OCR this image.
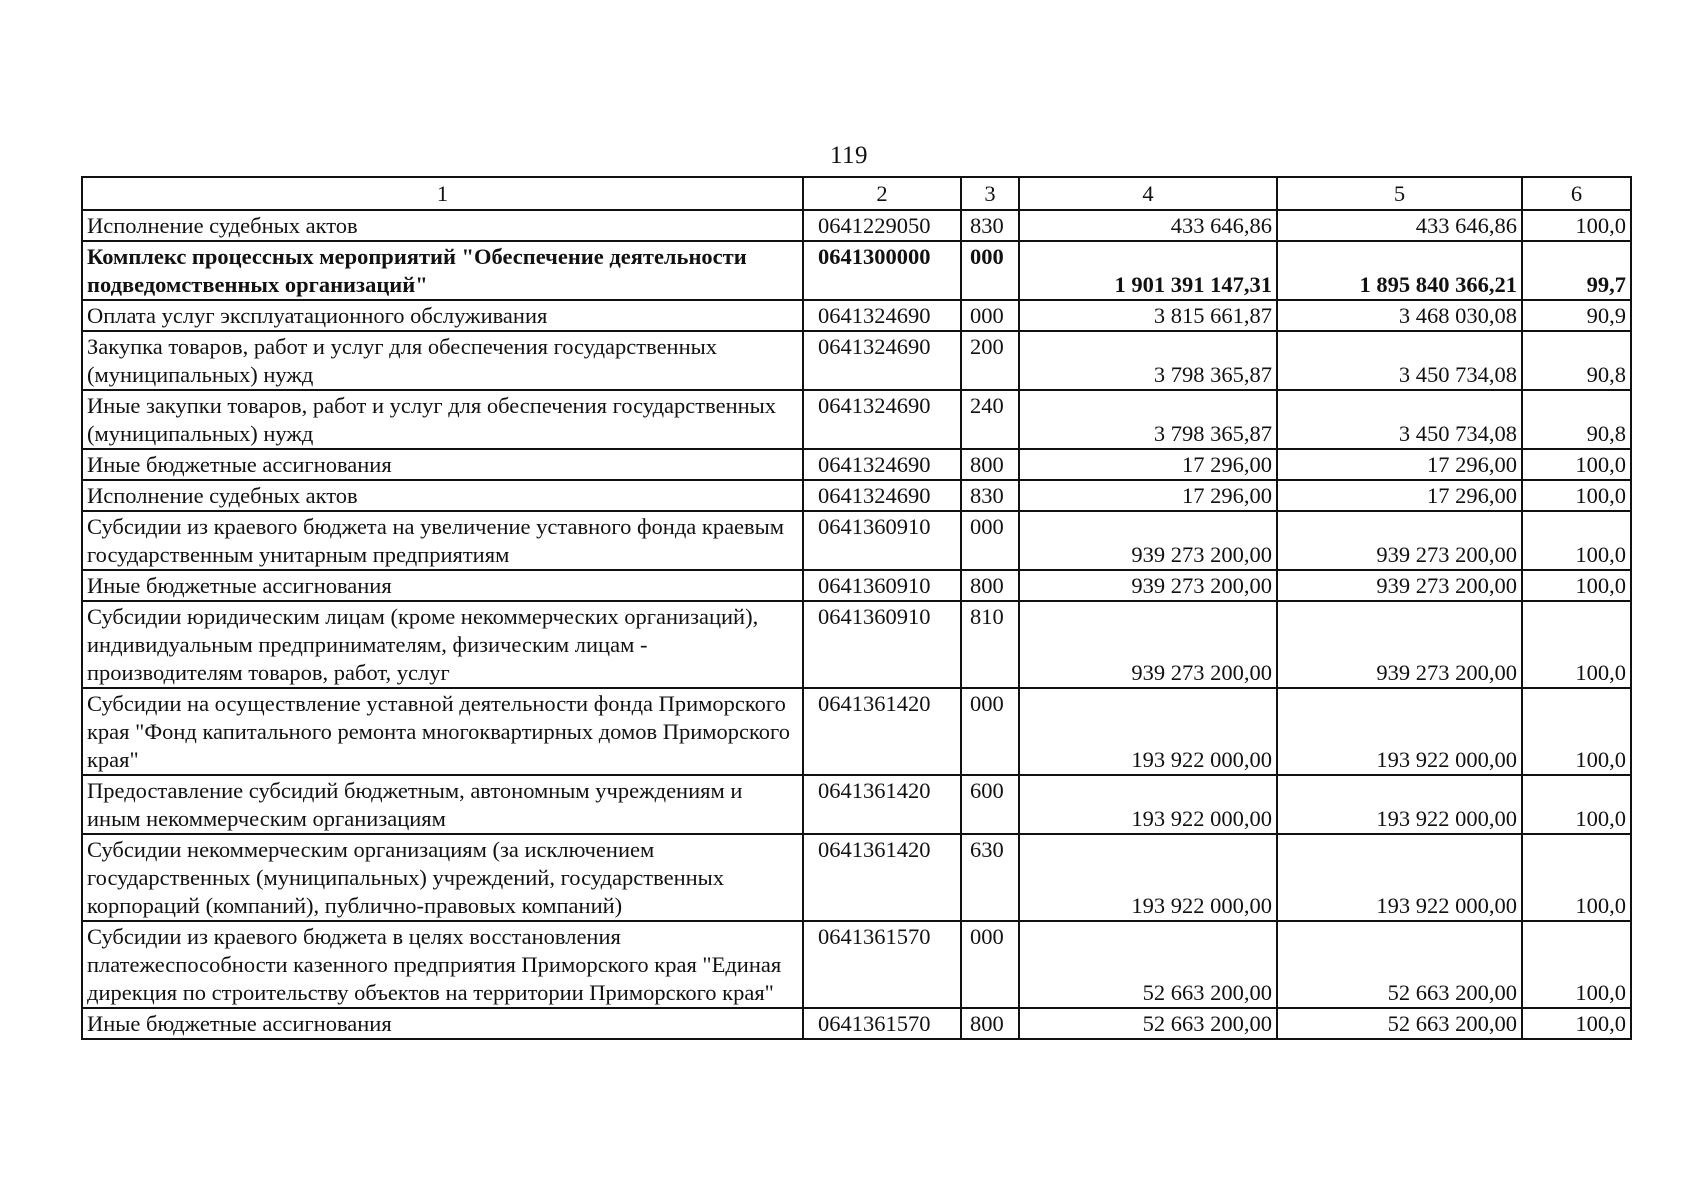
119
1	2	3	4	5	6
Исполнение судебных актов	0641229050	830	433 646,86	433 646,86	100,0
Комплекс процессных мероприятий "Обеспечение деятельности подведомственных организаций"	0641300000	000	1 901 391 147,31	1 895 840 366,21	99,7
Оплата услуг эксплуатационного обслуживания	0641324690	000	3 815 661,87	3 468 030,08	90,9
Закупка товаров, работ и услуг для обеспечения государственных (муниципальных) нужд	0641324690	200	3 798 365,87	3 450 734,08	90,8
Иные закупки товаров, работ и услуг для обеспечения государственных (муниципальных) нужд	0641324690	240	3 798 365,87	3 450 734,08	90,8
Иные бюджетные ассигнования	0641324690	800	17 296,00	17 296,00	100,0
Исполнение судебных актов	0641324690	830	17 296,00	17 296,00	100,0
Субсидии из краевого бюджета на увеличение уставного фонда краевым государственным унитарным предприятиям	0641360910	000	939 273 200,00	939 273 200,00	100,0
Иные бюджетные ассигнования	0641360910	800	939 273 200,00	939 273 200,00	100,0
Субсидии юридическим лицам (кроме некоммерческих организаций), индивидуальным предпринимателям, физическим лицам - производителям товаров, работ, услуг	0641360910	810	939 273 200,00	939 273 200,00	100,0
Субсидии на осуществление уставной деятельности фонда Приморского края "Фонд капитального ремонта многоквартирных домов Приморского края"	0641361420	000	193 922 000,00	193 922 000,00	100,0
Предоставление субсидий бюджетным, автономным учреждениям и иным некоммерческим организациям	0641361420	600	193 922 000,00	193 922 000,00	100,0
Субсидии некоммерческим организациям (за исключением государственных (муниципальных) учреждений, государственных корпораций (компаний), публично-правовых компаний)	0641361420	630	193 922 000,00	193 922 000,00	100,0
Субсидии из краевого бюджета в целях восстановления платежеспособности казенного предприятия Приморского края "Единая дирекция по строительству объектов на территории Приморского края"	0641361570	000	52 663 200,00	52 663 200,00	100,0
Иные бюджетные ассигнования	0641361570	800	52 663 200,00	52 663 200,00	100,0
